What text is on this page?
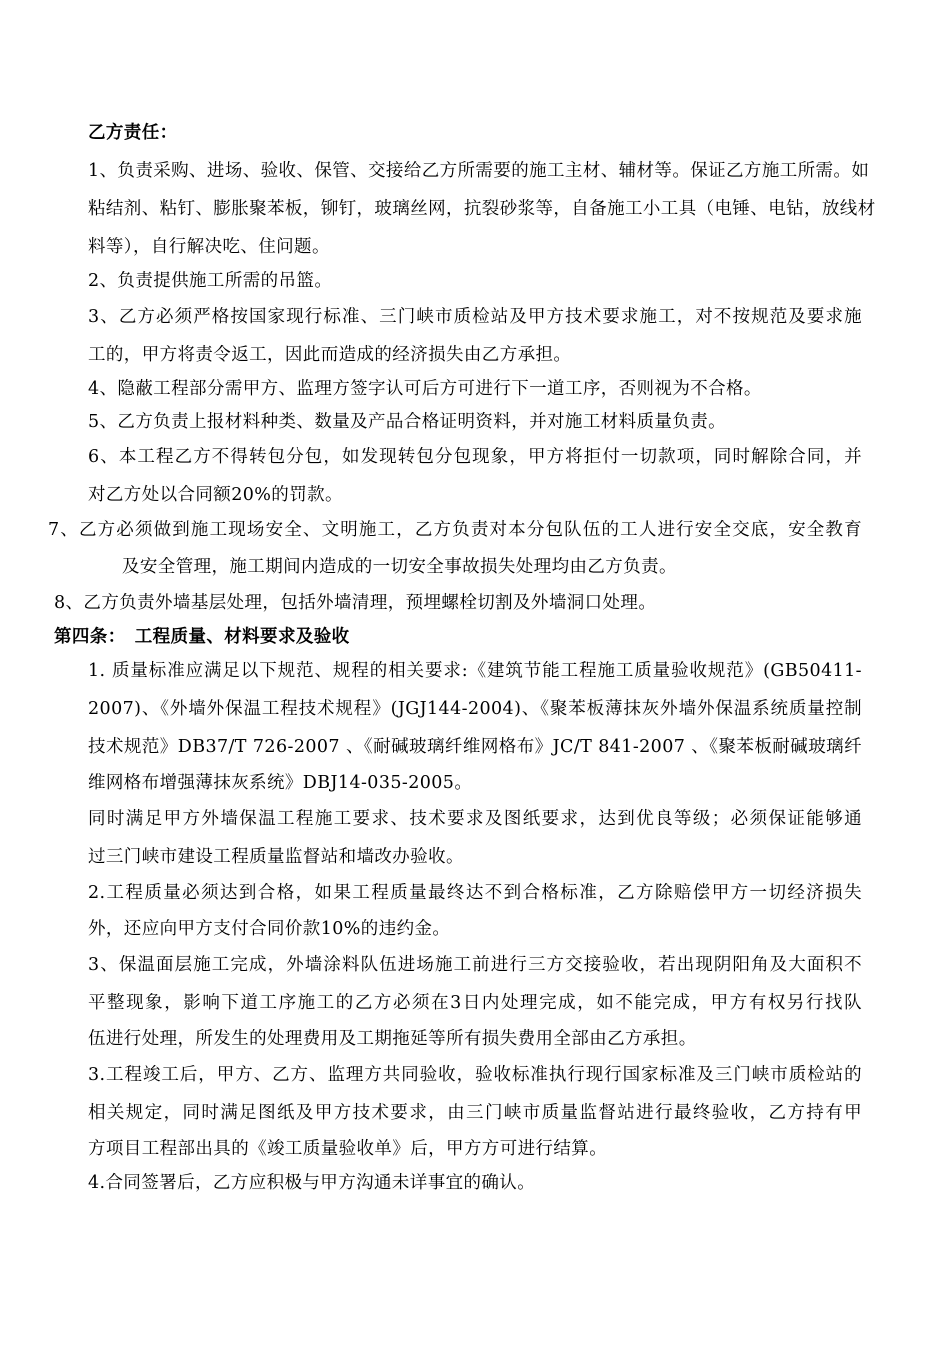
乙方责任：
1、负责采购、进场、验收、保管、交接给乙方所需要的施工主材、辅材等。保证乙方施工所需。如
粘结剂、粘钉、膨胀聚苯板，铆钉，玻璃丝网，抗裂砂浆等，自备施工小工具（电锤、电钻，放线材
料等），自行解决吃、住问题。
2、负责提供施工所需的吊篮。
3、乙方必须严格按国家现行标准、三门峡市质检站及甲方技术要求施工，对不按规范及要求施
工的，甲方将责令返工，因此而造成的经济损失由乙方承担。
4、隐蔽工程部分需甲方、监理方签字认可后方可进行下一道工序，否则视为不合格。
5、乙方负责上报材料种类、数量及产品合格证明资料，并对施工材料质量负责。
6、本工程乙方不得转包分包，如发现转包分包现象，甲方将拒付一切款项，同时解除合同，并
对乙方处以合同额20%的罚款。
7、乙方必须做到施工现场安全、文明施工，乙方负责对本分包队伍的工人进行安全交底，安全教育
及安全管理，施工期间内造成的一切安全事故损失处理均由乙方负责。
8、乙方负责外墙基层处理，包括外墙清理，预埋螺栓切割及外墙洞口处理。
第四条：　工程质量、材料要求及验收
1. 质量标准应满足以下规范、规程的相关要求:《建筑节能工程施工质量验收规范》(GB50411-
2007)、《外墙外保温工程技术规程》(JGJ144-2004)、《聚苯板薄抹灰外墙外保温系统质量控制
技术规范》DB37/T 726-2007 、《耐碱玻璃纤维网格布》JC/T 841-2007 、《聚苯板耐碱玻璃纤
维网格布增强薄抹灰系统》DBJ14-035-2005。
同时满足甲方外墙保温工程施工要求、技术要求及图纸要求，达到优良等级；必须保证能够通
过三门峡市建设工程质量监督站和墙改办验收。
2.工程质量必须达到合格，如果工程质量最终达不到合格标准，乙方除赔偿甲方一切经济损失
外，还应向甲方支付合同价款10%的违约金。
3、保温面层施工完成，外墙涂料队伍进场施工前进行三方交接验收，若出现阴阳角及大面积不
平整现象，影响下道工序施工的乙方必须在3日内处理完成，如不能完成，甲方有权另行找队
伍进行处理，所发生的处理费用及工期拖延等所有损失费用全部由乙方承担。
3.工程竣工后，甲方、乙方、监理方共同验收，验收标准执行现行国家标准及三门峡市质检站的
相关规定，同时满足图纸及甲方技术要求，由三门峡市质量监督站进行最终验收，乙方持有甲
方项目工程部出具的《竣工质量验收单》后，甲方方可进行结算。
4.合同签署后，乙方应积极与甲方沟通未详事宜的确认。
